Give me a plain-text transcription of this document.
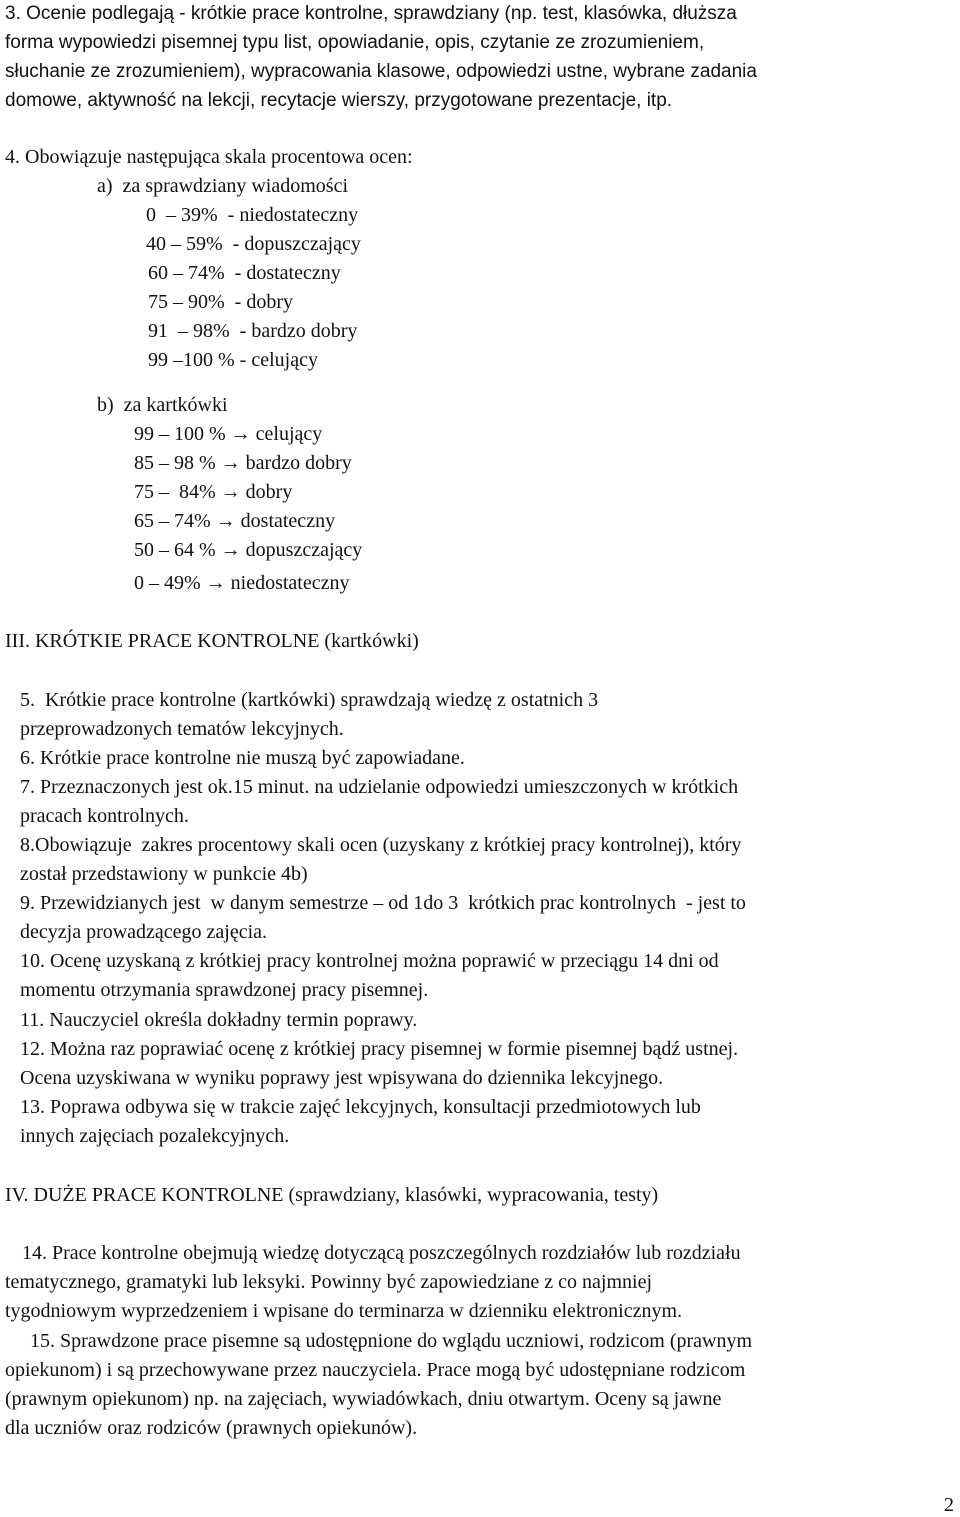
3. Ocenie podlegają - krótkie prace kontrolne, sprawdziany (np. test, klasówka, dłuższa
forma wypowiedzi pisemnej typu list, opowiadanie, opis, czytanie ze zrozumieniem,
słuchanie ze zrozumieniem), wypracowania klasowe, odpowiedzi ustne, wybrane zadania
domowe, aktywność na lekcji, recytacje wierszy, przygotowane prezentacje, itp.
4. Obowiązuje następująca skala procentowa ocen:
a)  za sprawdziany wiadomości
0  – 39%  - niedostateczny
40 – 59%  - dopuszczający
60 – 74%  - dostateczny
75 – 90%  - dobry
91  – 98%  - bardzo dobry
99 –100 % - celujący
b)  za kartkówki
99 – 100 % → celujący
85 – 98 % → bardzo dobry
75 –  84% → dobry
65 – 74% → dostateczny
50 – 64 % → dopuszczający
0 – 49% → niedostateczny
III. KRÓTKIE PRACE KONTROLNE (kartkówki)
5.  Krótkie prace kontrolne (kartkówki) sprawdzają wiedzę z ostatnich 3
przeprowadzonych tematów lekcyjnych.
6. Krótkie prace kontrolne nie muszą być zapowiadane.
7. Przeznaczonych jest ok.15 minut. na udzielanie odpowiedzi umieszczonych w krótkich
pracach kontrolnych.
8.Obowiązuje  zakres procentowy skali ocen (uzyskany z krótkiej pracy kontrolnej), który
został przedstawiony w punkcie 4b)
9. Przewidzianych jest  w danym semestrze – od 1do 3  krótkich prac kontrolnych  - jest to
decyzja prowadzącego zajęcia.
10. Ocenę uzyskaną z krótkiej pracy kontrolnej można poprawić w przeciągu 14 dni od
momentu otrzymania sprawdzonej pracy pisemnej.
11. Nauczyciel określa dokładny termin poprawy.
12. Można raz poprawiać ocenę z krótkiej pracy pisemnej w formie pisemnej bądź ustnej.
Ocena uzyskiwana w wyniku poprawy jest wpisywana do dziennika lekcyjnego.
13. Poprawa odbywa się w trakcie zajęć lekcyjnych, konsultacji przedmiotowych lub
innych zajęciach pozalekcyjnych.
IV. DUŻE PRACE KONTROLNE (sprawdziany, klasówki, wypracowania, testy)
14. Prace kontrolne obejmują wiedzę dotyczącą poszczególnych rozdziałów lub rozdziału
tematycznego, gramatyki lub leksyki. Powinny być zapowiedziane z co najmniej
tygodniowym wyprzedzeniem i wpisane do terminarza w dzienniku elektronicznym.
15. Sprawdzone prace pisemne są udostępnione do wglądu uczniowi, rodzicom (prawnym
opiekunom) i są przechowywane przez nauczyciela. Prace mogą być udostępniane rodzicom
(prawnym opiekunom) np. na zajęciach, wywiadówkach, dniu otwartym. Oceny są jawne
dla uczniów oraz rodziców (prawnych opiekunów).
2
